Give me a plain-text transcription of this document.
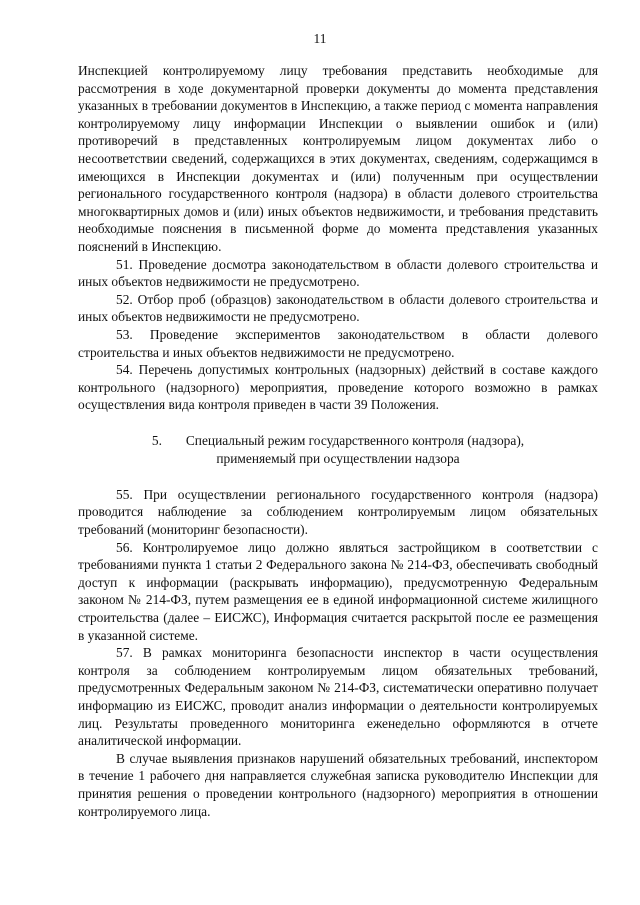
11

Инспекцией контролируемому лицу требования представить необходимые для рассмотрения в ходе документарной проверки документы до момента представления указанных в требовании документов в Инспекцию, а также период с момента направления контролируемому лицу информации Инспекции о выявлении ошибок и (или) противоречий в представленных контролируемым лицом документах либо о несоответствии сведений, содержащихся в этих документах, сведениям, содержащимся в имеющихся в Инспекции документах и (или) полученным при осуществлении регионального государственного контроля (надзора) в области долевого строительства многоквартирных домов и (или) иных объектов недвижимости, и требования представить необходимые пояснения в письменной форме до момента представления указанных пояснений в Инспекцию.

51. Проведение досмотра законодательством в области долевого строительства и иных объектов недвижимости не предусмотрено.

52. Отбор проб (образцов) законодательством в области долевого строительства и иных объектов недвижимости не предусмотрено.

53. Проведение экспериментов законодательством в области долевого строительства и иных объектов недвижимости не предусмотрено.

54. Перечень допустимых контрольных (надзорных) действий в составе каждого контрольного (надзорного) мероприятия, проведение которого возможно в рамках осуществления вида контроля приведен в части 39 Положения.

5. Специальный режим государственного контроля (надзора),
применяемый при осуществлении надзора

55. При осуществлении регионального государственного контроля (надзора) проводится наблюдение за соблюдением контролируемым лицом обязательных требований (мониторинг безопасности).

56. Контролируемое лицо должно являться застройщиком в соответствии с требованиями пункта 1 статьи 2 Федерального закона № 214-ФЗ, обеспечивать свободный доступ к информации (раскрывать информацию), предусмотренную Федеральным законом № 214-ФЗ, путем размещения ее в единой информационной системе жилищного строительства (далее – ЕИСЖС), Информация считается раскрытой после ее размещения в указанной системе.

57. В рамках мониторинга безопасности инспектор в части осуществления контроля за соблюдением контролируемым лицом обязательных требований, предусмотренных Федеральным законом № 214-ФЗ, систематически оперативно получает информацию из ЕИСЖС, проводит анализ информации о деятельности контролируемых лиц. Результаты проведенного мониторинга еженедельно оформляются в отчете аналитической информации.

В случае выявления признаков нарушений обязательных требований, инспектором в течение 1 рабочего дня направляется служебная записка руководителю Инспекции для принятия решения о проведении контрольного (надзорного) мероприятия в отношении контролируемого лица.
